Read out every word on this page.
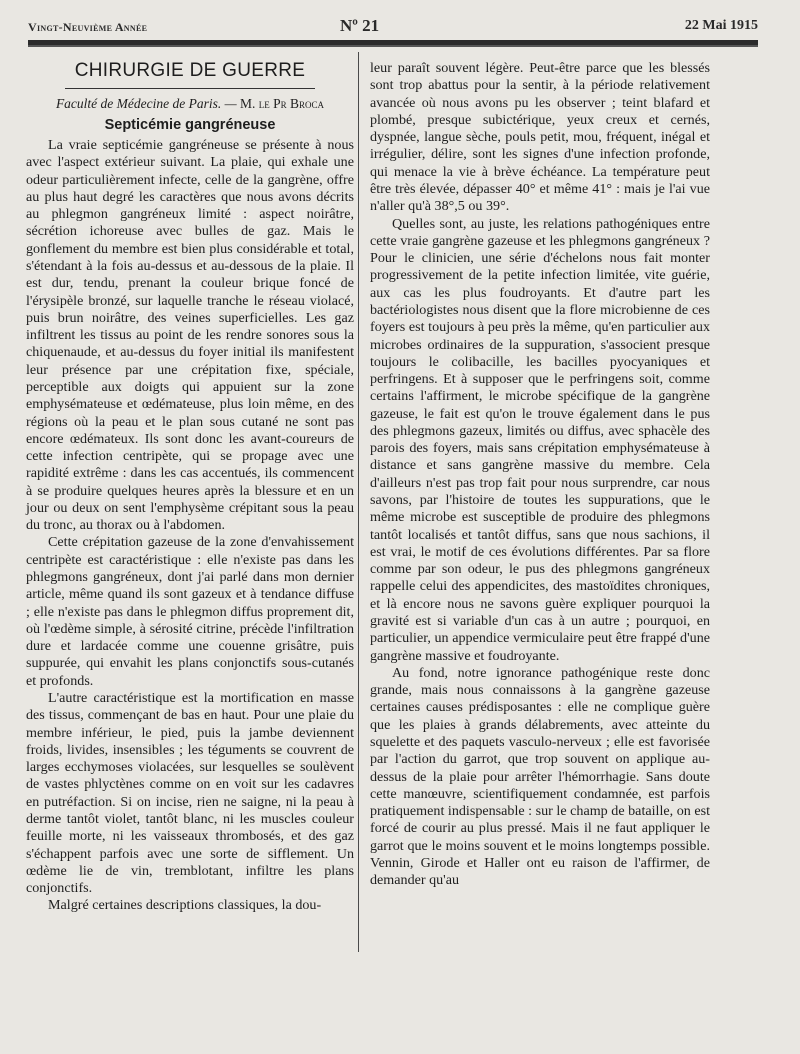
Vingt-Neuvième Année	Nº 21	22 Mai 1915
CHIRURGIE DE GUERRE
Faculté de Médecine de Paris. — M. le Pr Broca
Septicémie gangréneuse

La vraie septicémie gangréneuse se présente à nous avec l'aspect extérieur suivant. La plaie, qui exhale une odeur particulièrement infecte, celle de la gangrène, offre au plus haut degré les caractères que nous avons décrits au phlegmon gangréneux limité : aspect noirâtre, sécrétion ichoreuse avec bulles de gaz. Mais le gonflement du membre est bien plus considérable et total, s'étendant à la fois au-dessus et au-dessous de la plaie. Il est dur, tendu, prenant la couleur brique foncé de l'érysipèle bronzé, sur laquelle tranche le réseau violacé, puis brun noirâtre, des veines superficielles. Les gaz infiltrent les tissus au point de les rendre sonores sous la chiquenaude, et au-dessus du foyer initial ils manifestent leur présence par une crépitation fixe, spéciale, perceptible aux doigts qui appuient sur la zone emphysémateuse et œdémateuse, plus loin même, en des régions où la peau et le plan sous cutané ne sont pas encore œdémateux. Ils sont donc les avant-coureurs de cette infection centripète, qui se propage avec une rapidité extrême : dans les cas accentués, ils commencent à se produire quelques heures après la blessure et en un jour ou deux on sent l'emphysème crépitant sous la peau du tronc, au thorax ou à l'abdomen.

Cette crépitation gazeuse de la zone d'envahissement centripète est caractéristique : elle n'existe pas dans les phlegmons gangréneux, dont j'ai parlé dans mon dernier article, même quand ils sont gazeux et à tendance diffuse ; elle n'existe pas dans le phlegmon diffus proprement dit, où l'œdème simple, à sérosité citrine, précède l'infiltration dure et lardacée comme une couenne grisâtre, puis suppurée, qui envahit les plans conjonctifs sous-cutanés et profonds.

L'autre caractéristique est la mortification en masse des tissus, commençant de bas en haut. Pour une plaie du membre inférieur, le pied, puis la jambe deviennent froids, livides, insensibles ; les téguments se couvrent de larges ecchymoses violacées, sur lesquelles se soulèvent de vastes phlyctènes comme on en voit sur les cadavres en putréfaction. Si on incise, rien ne saigne, ni la peau à derme tantôt violet, tantôt blanc, ni les muscles couleur feuille morte, ni les vaisseaux thrombosés, et des gaz s'échappent parfois avec une sorte de sifflement. Un œdème lie de vin, tremblotant, infiltre les plans conjonctifs.

Malgré certaines descriptions classiques, la dou-

leur paraît souvent légère. Peut-être parce que les blessés sont trop abattus pour la sentir, à la période relativement avancée où nous avons pu les observer ; teint blafard et plombé, presque subictérique, yeux creux et cernés, dyspnée, langue sèche, pouls petit, mou, fréquent, inégal et irrégulier, délire, sont les signes d'une infection profonde, qui menace la vie à brève échéance. La température peut être très élevée, dépasser 40° et même 41° : mais je l'ai vue n'aller qu'à 38°,5 ou 39°.

Quelles sont, au juste, les relations pathogéniques entre cette vraie gangrène gazeuse et les phlegmons gangréneux ? Pour le clinicien, une série d'échelons nous fait monter progressivement de la petite infection limitée, vite guérie, aux cas les plus foudroyants. Et d'autre part les bactériologistes nous disent que la flore microbienne de ces foyers est toujours à peu près la même, qu'en particulier aux microbes ordinaires de la suppuration, s'associent presque toujours le colibacille, les bacilles pyocyaniques et perfringens. Et à supposer que le perfringens soit, comme certains l'affirment, le microbe spécifique de la gangrène gazeuse, le fait est qu'on le trouve également dans le pus des phlegmons gazeux, limités ou diffus, avec sphacèle des parois des foyers, mais sans crépitation emphysémateuse à distance et sans gangrène massive du membre. Cela d'ailleurs n'est pas trop fait pour nous surprendre, car nous savons, par l'histoire de toutes les suppurations, que le même microbe est susceptible de produire des phlegmons tantôt localisés et tantôt diffus, sans que nous sachions, il est vrai, le motif de ces évolutions différentes. Par sa flore comme par son odeur, le pus des phlegmons gangréneux rappelle celui des appendicites, des mastoïdites chroniques, et là encore nous ne savons guère expliquer pourquoi la gravité est si variable d'un cas à un autre ; pourquoi, en particulier, un appendice vermiculaire peut être frappé d'une gangrène massive et foudroyante.

Au fond, notre ignorance pathogénique reste donc grande, mais nous connaissons à la gangrène gazeuse certaines causes prédisposantes : elle ne complique guère que les plaies à grands délabrements, avec atteinte du squelette et des paquets vasculo-nerveux ; elle est favorisée par l'action du garrot, que trop souvent on applique au-dessus de la plaie pour arrêter l'hémorrhagie. Sans doute cette manœuvre, scientifiquement condamnée, est parfois pratiquement indispensable : sur le champ de bataille, on est forcé de courir au plus pressé. Mais il ne faut appliquer le garrot que le moins souvent et le moins longtemps possible. Vennin, Girode et Haller ont eu raison de l'affirmer, de demander qu'au
